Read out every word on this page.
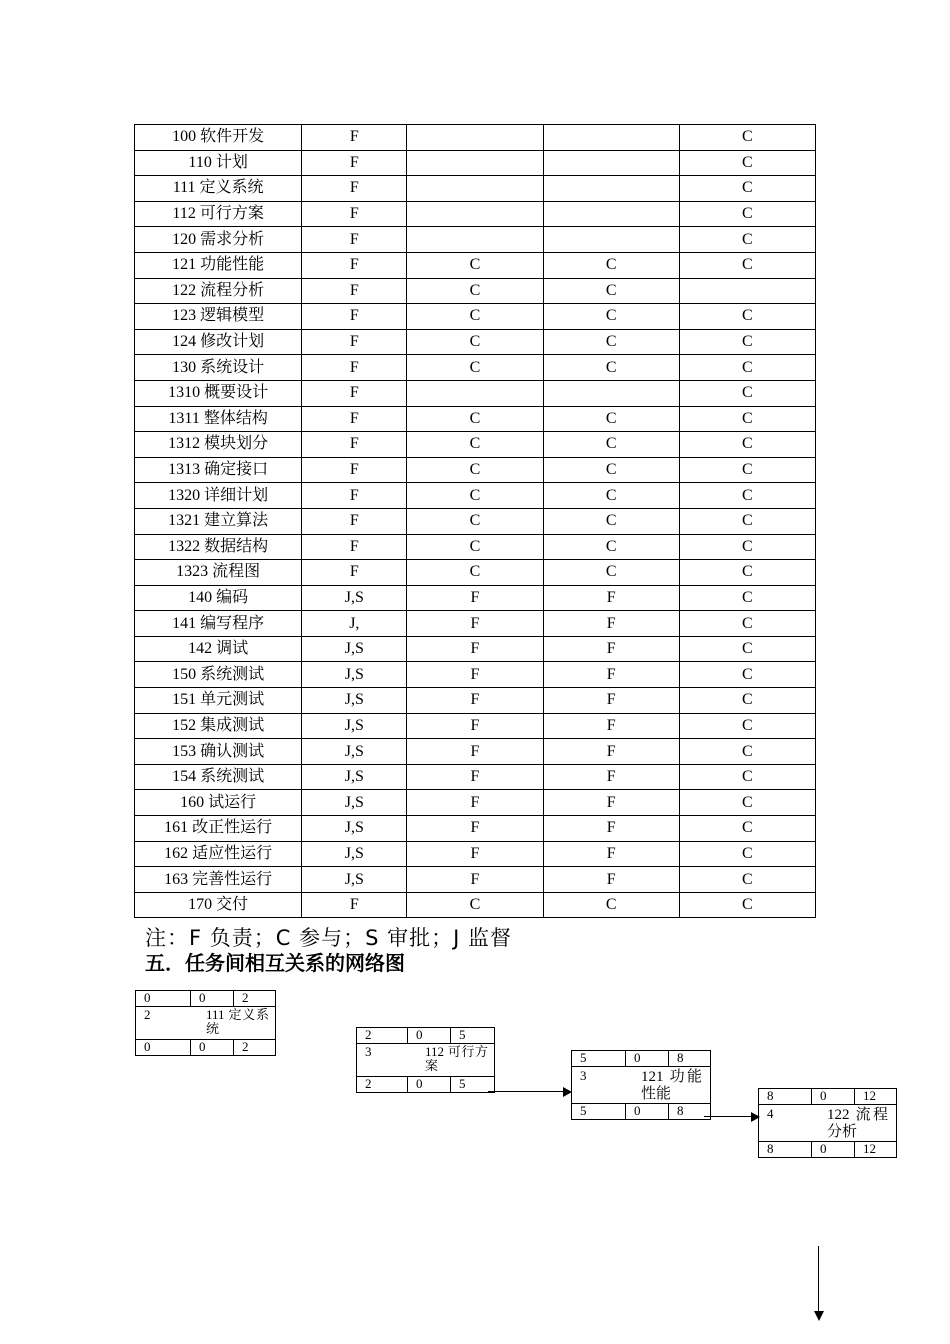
100 软件开发	F			C
110 计划	F			C
111 定义系统	F			C
112 可行方案	F			C
120 需求分析	F			C
121 功能性能	F	C	C	C
122 流程分析	F	C	C	
123 逻辑模型	F	C	C	C
124 修改计划	F	C	C	C
130 系统设计	F	C	C	C
1310 概要设计	F			C
1311 整体结构	F	C	C	C
1312 模块划分	F	C	C	C
1313 确定接口	F	C	C	C
1320 详细计划	F	C	C	C
1321 建立算法	F	C	C	C
1322 数据结构	F	C	C	C
1323 流程图	F	C	C	C
140 编码	J,S	F	F	C
141 编写程序	J,	F	F	C
142 调试	J,S	F	F	C
150 系统测试	J,S	F	F	C
151 单元测试	J,S	F	F	C
152 集成测试	J,S	F	F	C
153 确认测试	J,S	F	F	C
154 系统测试	J,S	F	F	C
160 试运行	J,S	F	F	C
161 改正性运行	J,S	F	F	C
162 适应性运行	J,S	F	F	C
163 完善性运行	J,S	F	F	C
170 交付	F	C	C	C
注：F 负责；C 参与；S 审批；J 监督
五．任务间相互关系的网络图
0	0	2
2	111 定义系
统
0	0	2
2	0	5
3	112 可行方
案
2	0	5
5	0	8
3	121 功能
性能
5	0	8
8	0	12
4	122 流程
分析
8	0	12
